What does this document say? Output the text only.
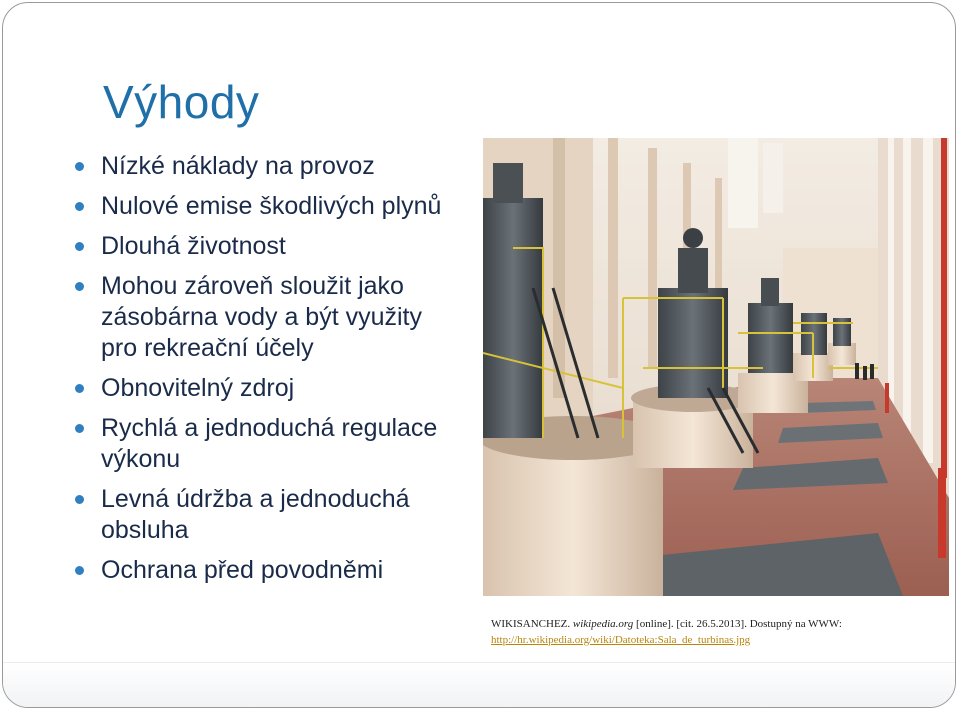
Výhody
Nízké náklady na provoz
Nulové emise škodlivých plynů
Dlouhá životnost
Mohou zároveň sloužit jako zásobárna vody a být využity pro rekreační účely
Obnovitelný zdroj
Rychlá a jednoduchá regulace výkonu
Levná údržba a jednoduchá obsluha
Ochrana před povodněmi
WIKISANCHEZ. wikipedia.org [online]. [cit. 26.5.2013]. Dostupný na WWW:
http://hr.wikipedia.org/wiki/Datoteka:Sala_de_turbinas.jpg
